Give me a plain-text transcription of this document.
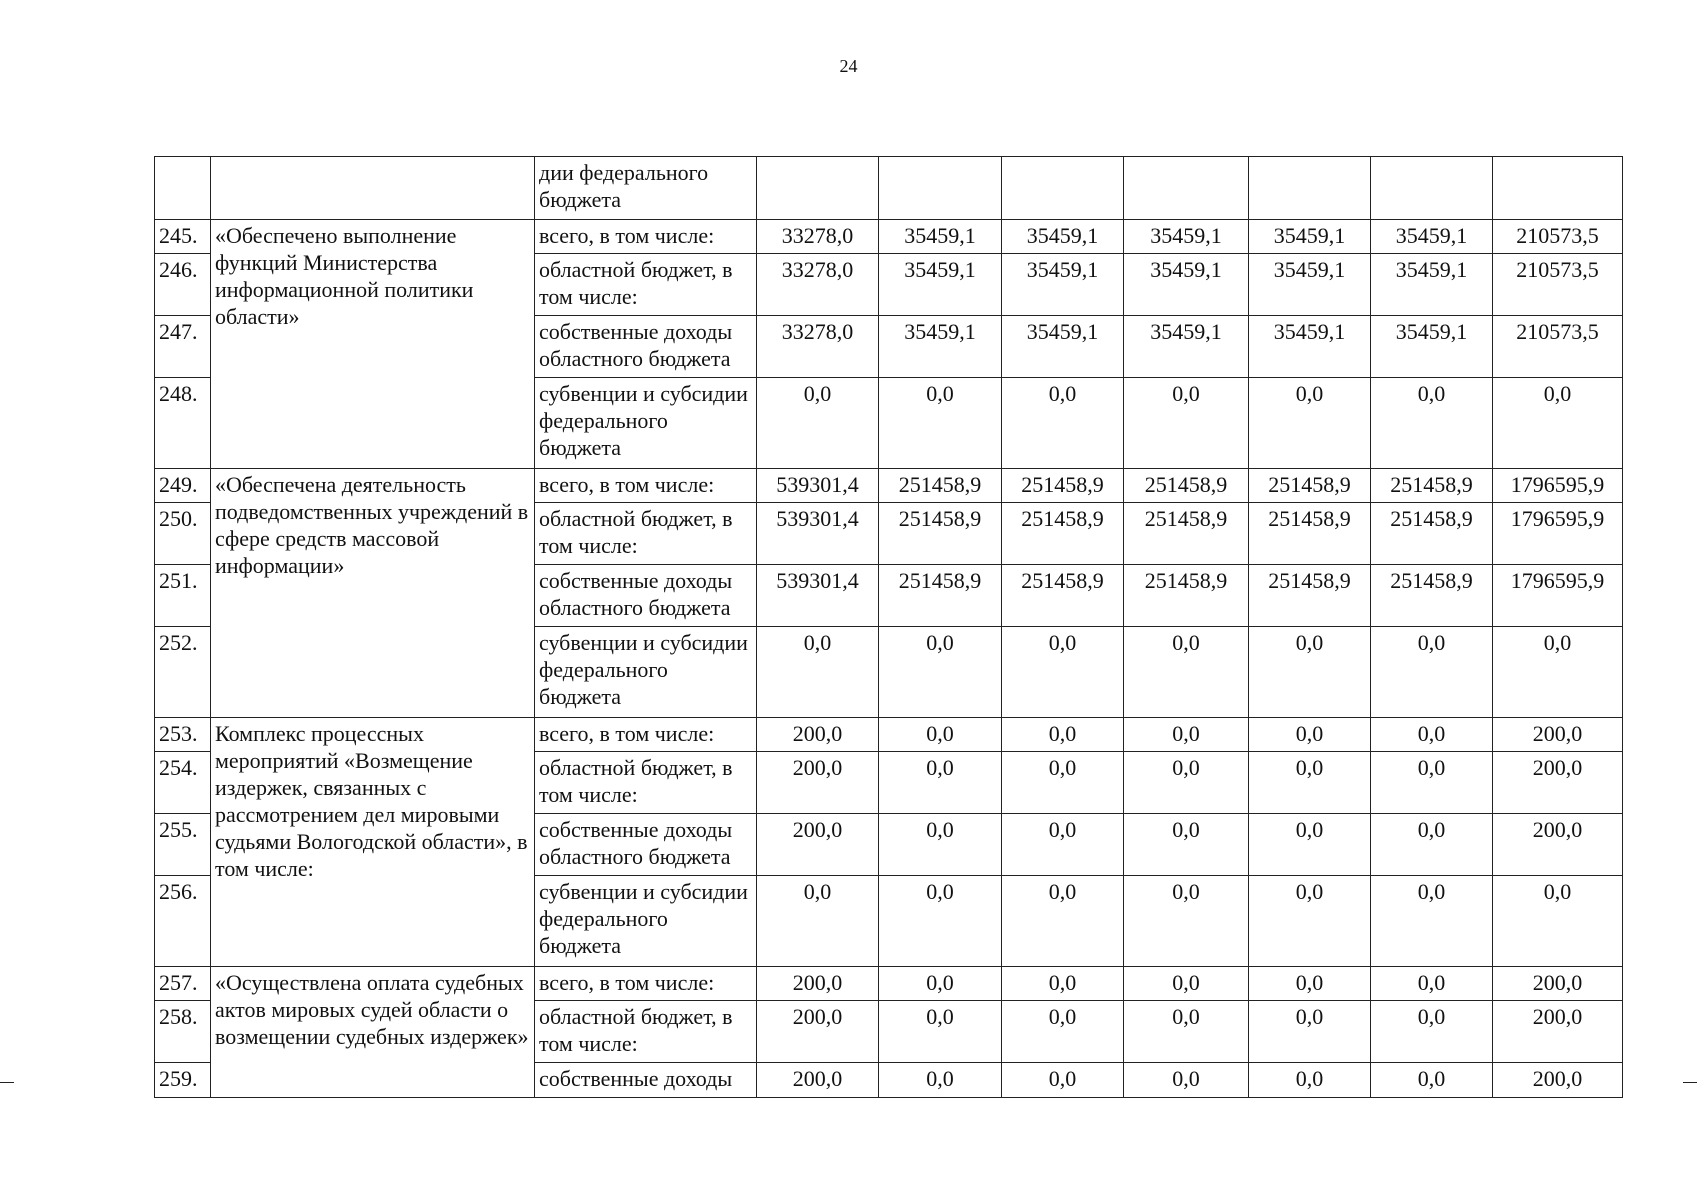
24
		дии федерального бюджета							
245.	«Обеспечено выполнение функций Министерства информационной политики области»	всего, в том числе:	33278,0	35459,1	35459,1	35459,1	35459,1	35459,1	210573,5
246.		областной бюджет, в том числе:	33278,0	35459,1	35459,1	35459,1	35459,1	35459,1	210573,5
247.		собственные доходы областного бюджета	33278,0	35459,1	35459,1	35459,1	35459,1	35459,1	210573,5
248.		субвенции и субсидии федерального бюджета	0,0	0,0	0,0	0,0	0,0	0,0	0,0
249.	«Обеспечена деятельность подведомственных учреждений в сфере средств массовой информации»	всего, в том числе:	539301,4	251458,9	251458,9	251458,9	251458,9	251458,9	1796595,9
250.		областной бюджет, в том числе:	539301,4	251458,9	251458,9	251458,9	251458,9	251458,9	1796595,9
251.		собственные доходы областного бюджета	539301,4	251458,9	251458,9	251458,9	251458,9	251458,9	1796595,9
252.		субвенции и субсидии федерального бюджета	0,0	0,0	0,0	0,0	0,0	0,0	0,0
253.	Комплекс процессных мероприятий «Возмещение издержек, связанных с рассмотрением дел мировыми судьями Вологодской области», в том числе:	всего, в том числе:	200,0	0,0	0,0	0,0	0,0	0,0	200,0
254.		областной бюджет, в том числе:	200,0	0,0	0,0	0,0	0,0	0,0	200,0
255.		собственные доходы областного бюджета	200,0	0,0	0,0	0,0	0,0	0,0	200,0
256.		субвенции и субсидии федерального бюджета	0,0	0,0	0,0	0,0	0,0	0,0	0,0
257.	«Осуществлена оплата судебных актов мировых судей области о возмещении судебных издержек»	всего, в том числе:	200,0	0,0	0,0	0,0	0,0	0,0	200,0
258.		областной бюджет, в том числе:	200,0	0,0	0,0	0,0	0,0	0,0	200,0
259.		собственные доходы	200,0	0,0	0,0	0,0	0,0	0,0	200,0
